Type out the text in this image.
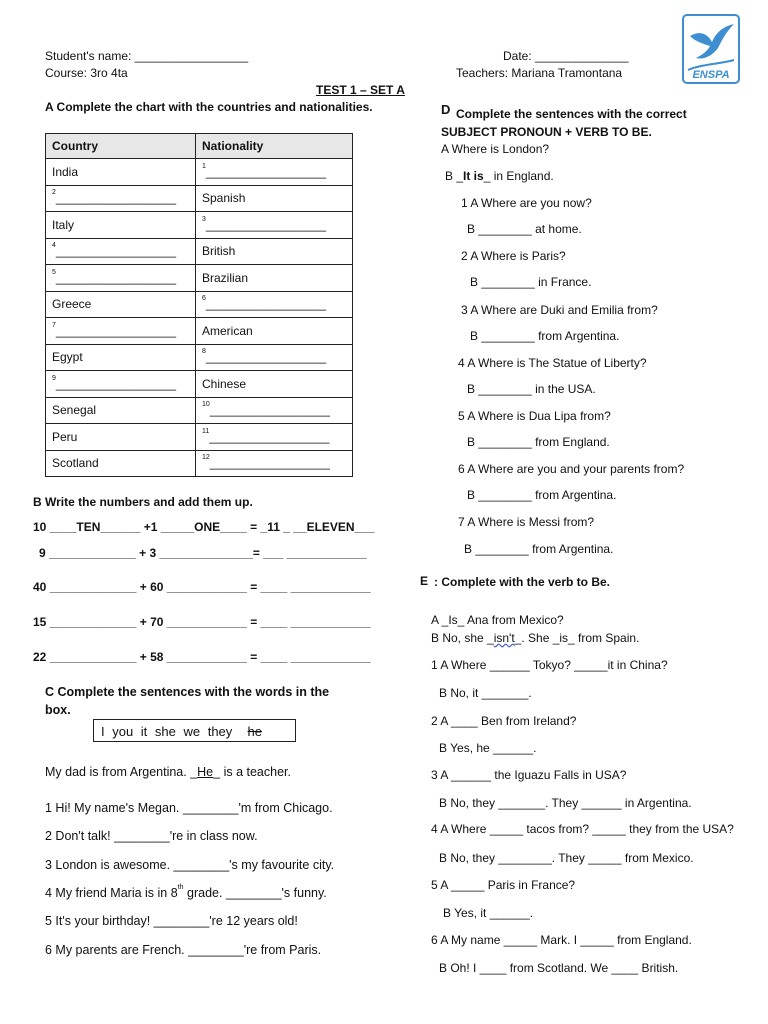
Student's name: _________________
Course: 3ro 4ta
Date: ______________
Teachers: Mariana Tramontana
TEST 1 – SET A
ENSPA
A Complete the chart with the countries and nationalities.
Country	Nationality
India	$^1$__________________
$^2$__________________	Spanish
Italy	$^3$__________________
$^4$__________________	British
$^5$__________________	Brazilian
Greece	$^6$__________________
$^7$__________________	American
Egypt	$^8$__________________
$^9$__________________	Chinese
Senegal	$^{10}$__________________
Peru	$^{11}$__________________
Scotland	$^{12}$__________________
B Write the numbers and add them up.
10 ____TEN______ +1 _____ONE____ = _11 _ __ELEVEN___
9 _____________ + 3 ______________= ___ ____________
40 _____________ + 60 ____________ = ____ ____________
15 _____________ + 70 ____________ = ____ ____________
22 _____________ + 58 ____________ = ____ ____________
C Complete the sentences with the words in the
box.
I you it she we they he
My dad is from Argentina. _He_ is a teacher.
1 Hi! My name's Megan. ________'m from Chicago.
2 Don't talk! ________'re in class now.
3 London is awesome. ________'s my favourite city.
4 My friend Maria is in 8th grade. ________'s funny.
5 It's your birthday! ________'re 12 years old!
6 My parents are French. ________'re from Paris.
D Complete the sentences with the correct
SUBJECT PRONOUN + VERB TO BE.
A Where is London?
B _It is_ in England.
1 A Where are you now?
B ________ at home.
2 A Where is Paris?
B ________ in France.
3 A Where are Duki and Emilia from?
B ________ from Argentina.
4 A Where is The Statue of Liberty?
B ________ in the USA.
5 A Where is Dua Lipa from?
B ________ from England.
6 A Where are you and your parents from?
B ________ from Argentina.
7 A Where is Messi from?
B ________ from Argentina.
E : Complete with the verb to Be.
A _Is_ Ana from Mexico?
B No, she _isn't_. She _is_ from Spain.
1 A Where ______ Tokyo? _____it in China?
B No, it _______.
2 A ____ Ben from Ireland?
B Yes, he ______.
3 A ______ the Iguazu Falls in USA?
B No, they _______. They ______ in Argentina.
4 A Where _____ tacos from? _____ they from the USA?
B No, they ________. They _____ from Mexico.
5 A _____ Paris in France?
B Yes, it ______.
6 A My name _____ Mark. I _____ from England.
B Oh! I ____ from Scotland. We ____ British.
